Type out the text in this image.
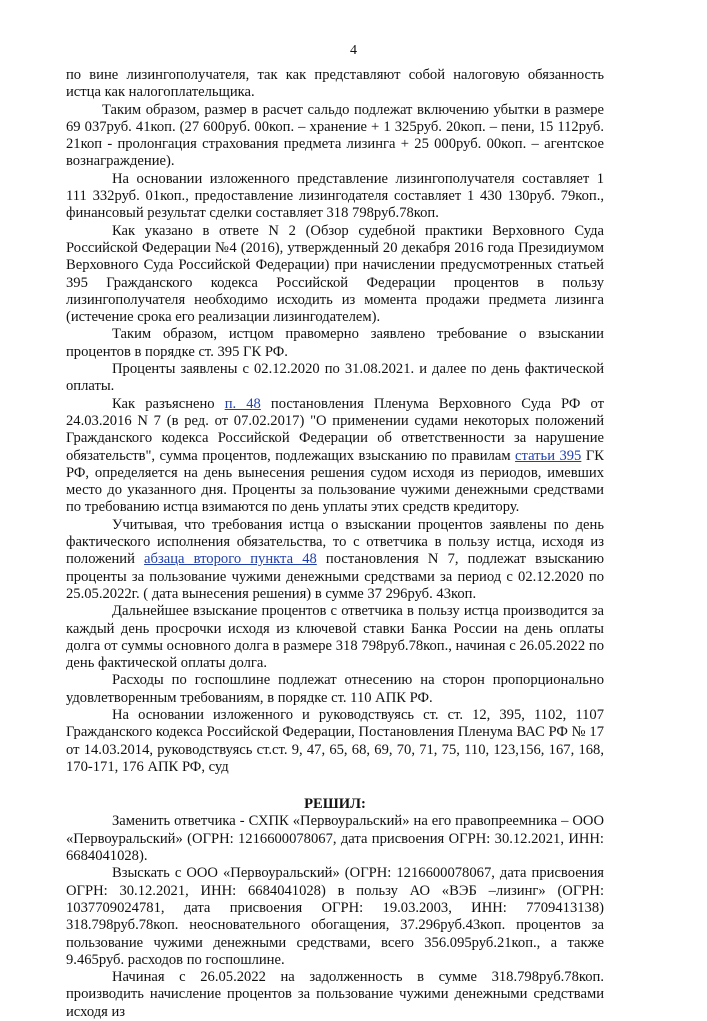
4

по вине лизингополучателя, так как представляют собой налоговую обязанность истца как налогоплательщика.

Таким образом, размер в расчет сальдо подлежат включению убытки в размере 69 037руб. 41коп. (27 600руб. 00коп. – хранение + 1 325руб. 20коп. – пени, 15 112руб. 21коп - пролонгация страхования предмета лизинга + 25 000руб. 00коп. – агентское вознаграждение).

На основании изложенного представление лизингополучателя составляет 1 111 332руб. 01коп., предоставление лизингодателя составляет 1 430 130руб. 79коп., финансовый результат сделки составляет 318 798руб.78коп.

Как указано в ответе N 2 (Обзор судебной практики Верховного Суда Российской Федерации №4 (2016), утвержденный 20 декабря 2016 года Президиумом Верховного Суда Российской Федерации) при начислении предусмотренных статьей 395 Гражданского кодекса Российской Федерации процентов в пользу лизингополучателя необходимо исходить из момента продажи предмета лизинга (истечение срока его реализации лизингодателем).

Таким образом, истцом правомерно заявлено требование о взыскании процентов в порядке ст. 395 ГК РФ.

Проценты заявлены с 02.12.2020 по 31.08.2021. и далее по день фактической оплаты.

Как разъяснено п. 48 постановления Пленума Верховного Суда РФ от 24.03.2016 N 7 (в ред. от 07.02.2017) "О применении судами некоторых положений Гражданского кодекса Российской Федерации об ответственности за нарушение обязательств", сумма процентов, подлежащих взысканию по правилам статьи 395 ГК РФ, определяется на день вынесения решения судом исходя из периодов, имевших место до указанного дня. Проценты за пользование чужими денежными средствами по требованию истца взимаются по день уплаты этих средств кредитору.

Учитывая, что требования истца о взыскании процентов заявлены по день фактического исполнения обязательства, то с ответчика в пользу истца, исходя из положений абзаца второго пункта 48 постановления N 7, подлежат взысканию проценты за пользование чужими денежными средствами за период с 02.12.2020 по 25.05.2022г. ( дата вынесения решения) в сумме 37 296руб. 43коп.

Дальнейшее взыскание процентов с ответчика в пользу истца производится за каждый день просрочки исходя из ключевой ставки Банка России на день оплаты долга от суммы основного долга в размере 318 798руб.78коп., начиная с 26.05.2022 по день фактической оплаты долга.

Расходы по госпошлине подлежат отнесению на сторон пропорционально удовлетворенным требованиям, в порядке ст. 110 АПК РФ.

На основании изложенного и руководствуясь ст. ст. 12, 395, 1102, 1107 Гражданского кодекса Российской Федерации, Постановления Пленума ВАС РФ № 17 от 14.03.2014, руководствуясь ст.ст. 9, 47, 65, 68, 69, 70, 71, 75, 110, 123,156, 167, 168, 170-171, 176 АПК РФ, суд

РЕШИЛ:

Заменить ответчика - СХПК «Первоуральский» на его правопреемника – ООО «Первоуральский» (ОГРН: 1216600078067, дата присвоения ОГРН: 30.12.2021, ИНН: 6684041028).

Взыскать с ООО «Первоуральский» (ОГРН: 1216600078067, дата присвоения ОГРН: 30.12.2021, ИНН: 6684041028) в пользу АО «ВЭБ –лизинг» (ОГРН: 1037709024781, дата присвоения ОГРН: 19.03.2003, ИНН: 7709413138) 318.798руб.78коп. неосновательного обогащения, 37.296руб.43коп. процентов за пользование чужими денежными средствами, всего 356.095руб.21коп., а также 9.465руб. расходов по госпошлине.

Начиная с 26.05.2022 на задолженность в сумме 318.798руб.78коп. производить начисление процентов за пользование чужими денежными средствами исходя из
